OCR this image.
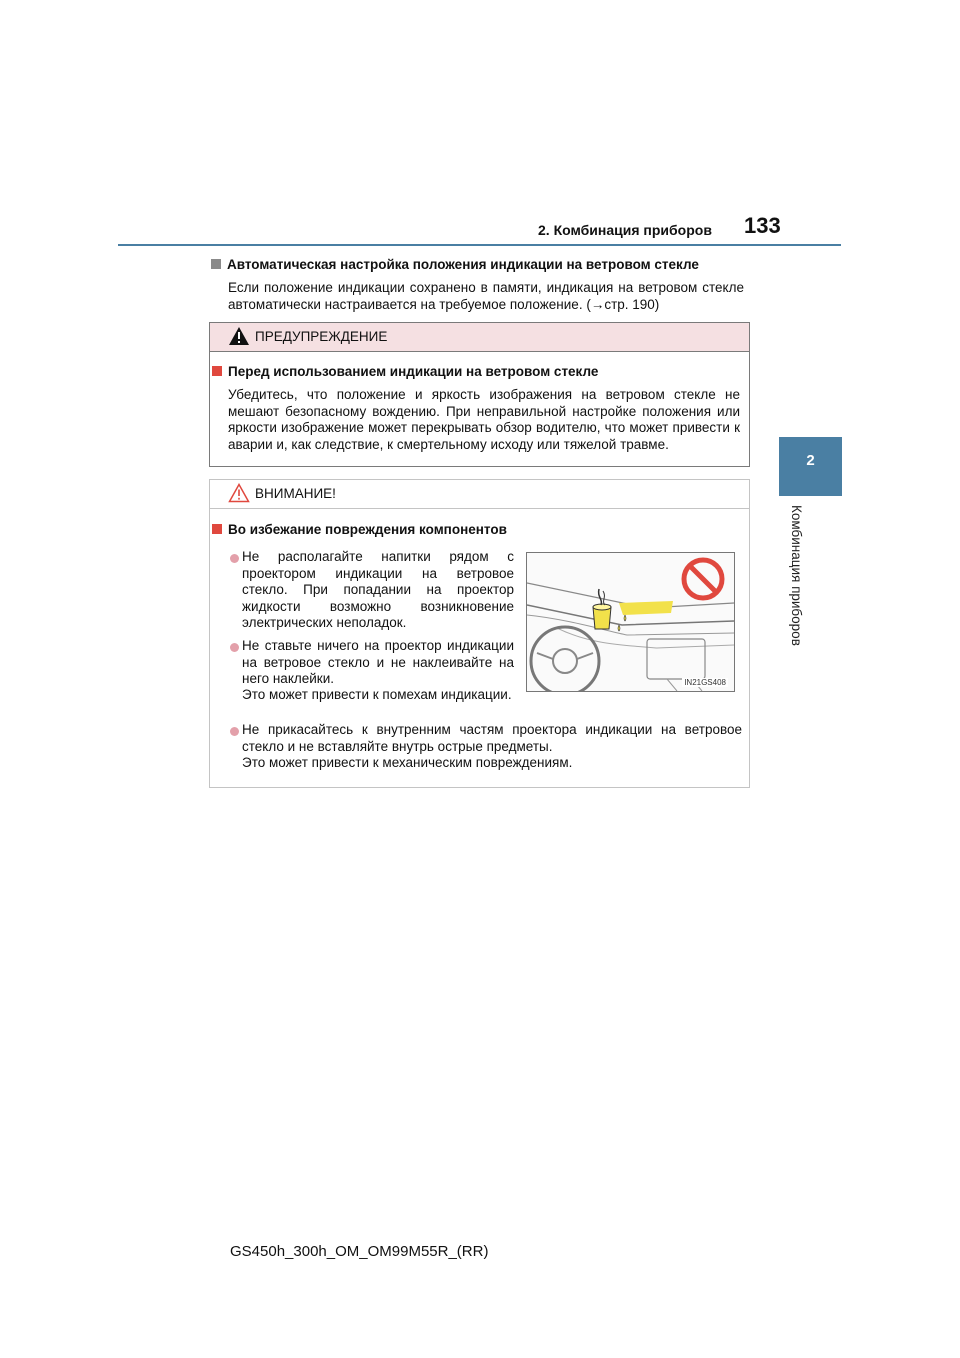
2. Комбинация приборов 133
2
Комбинация приборов
Автоматическая настройка положения индикации на ветровом стекле
Если положение индикации сохранено в памяти, индикация на ветровом стекле автоматически настраивается на требуемое положение. (→стр. 190)
ПРЕДУПРЕЖДЕНИЕ
Перед использованием индикации на ветровом стекле
Убедитесь, что положение и яркость изображения на ветровом стекле не мешают безопасному вождению. При неправильной настройке положения или яркости изображение может перекрывать обзор водителю, что может привести к аварии и, как следствие, к смертельному исходу или тяжелой травме.
ВНИМАНИЕ!
Во избежание повреждения компонентов
Не располагайте напитки рядом с проектором индикации на ветровое стекло. При попадании на проектор жидкости возможно возникновение электрических неполадок.
Не ставьте ничего на проектор индикации на ветровое стекло и не наклеивайте на него наклейки.
Это может привести к помехам индикации.
Не прикасайтесь к внутренним частям проектора индикации на ветровое стекло и не вставляйте внутрь острые предметы.
Это может привести к механическим повреждениям.
IN21GS408
GS450h_300h_OM_OM99M55R_(RR)
